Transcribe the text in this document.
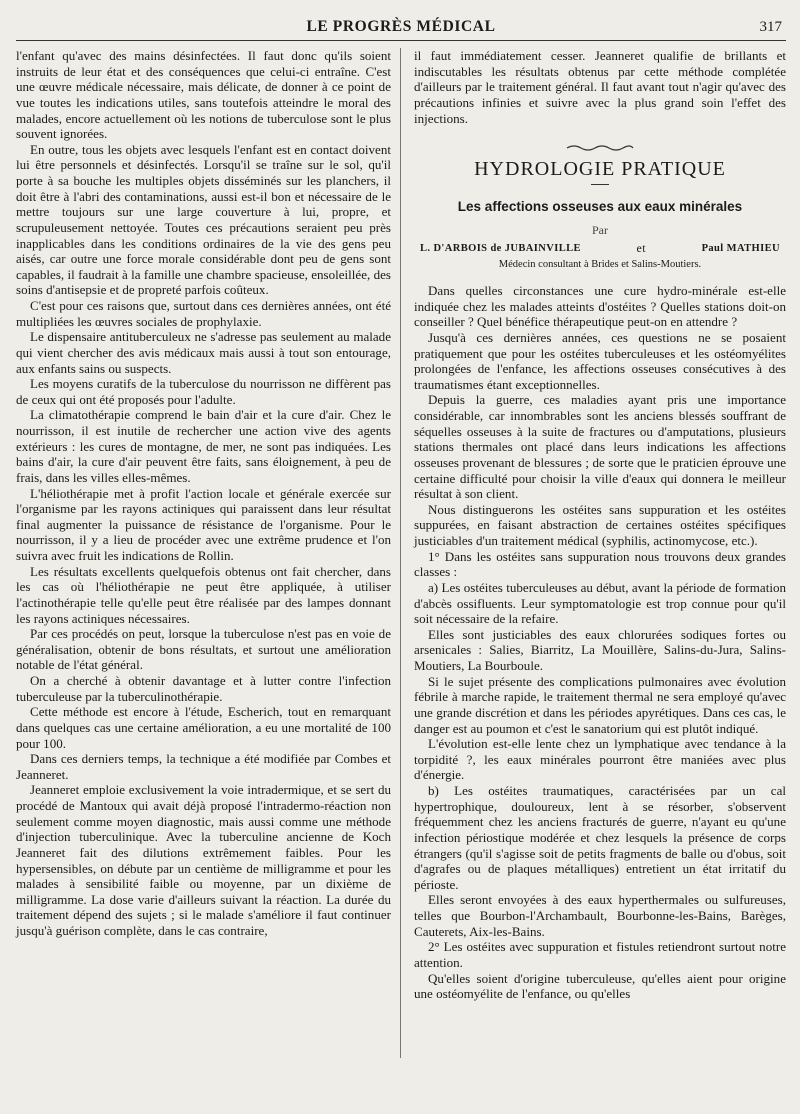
LE PROGRÈS MÉDICAL	317

l'enfant qu'avec des mains désinfectées. Il faut donc qu'ils soient instruits de leur état et des conséquences que celui-ci entraîne. C'est une œuvre médicale nécessaire, mais délicate, de donner à ce point de vue toutes les indications utiles, sans toutefois atteindre le moral des malades, encore actuellement où les notions de tuberculose sont le plus souvent ignorées.

En outre, tous les objets avec lesquels l'enfant est en contact doivent lui être personnels et désinfectés. Lorsqu'il se traîne sur le sol, qu'il porte à sa bouche les multiples objets disséminés sur les planchers, il doit être à l'abri des contaminations, aussi est-il bon et nécessaire de le mettre toujours sur une large couverture à lui, propre, et scrupuleusement nettoyée. Toutes ces précautions seraient peu près inapplicables dans les conditions ordinaires de la vie des gens peu aisés, car outre une force morale considérable dont peu de gens sont capables, il faudrait à la famille une chambre spacieuse, ensoleillée, des soins d'antisepsie et de propreté parfois coûteux.

C'est pour ces raisons que, surtout dans ces dernières années, ont été multipliées les œuvres sociales de prophylaxie.

Le dispensaire antituberculeux ne s'adresse pas seulement au malade qui vient chercher des avis médicaux mais aussi à tout son entourage, aux enfants sains ou suspects.

Les moyens curatifs de la tuberculose du nourrisson ne diffèrent pas de ceux qui ont été proposés pour l'adulte.

La climatothérapie comprend le bain d'air et la cure d'air. Chez le nourrisson, il est inutile de rechercher une action vive des agents extérieurs : les cures de montagne, de mer, ne sont pas indiquées. Les bains d'air, la cure d'air peuvent être faits, sans éloignement, à peu de frais, dans les villes elles-mêmes.

L'héliothérapie met à profit l'action locale et générale exercée sur l'organisme par les rayons actiniques qui paraissent dans leur résultat final augmenter la puissance de résistance de l'organisme. Pour le nourrisson, il y a lieu de procéder avec une extrême prudence et l'on suivra avec fruit les indications de Rollin.

Les résultats excellents quelquefois obtenus ont fait chercher, dans les cas où l'héliothérapie ne peut être appliquée, à utiliser l'actinothérapie telle qu'elle peut être réalisée par des lampes donnant les rayons actiniques nécessaires.

Par ces procédés on peut, lorsque la tuberculose n'est pas en voie de généralisation, obtenir de bons résultats, et surtout une amélioration notable de l'état général.

On a cherché à obtenir davantage et à lutter contre l'infection tuberculeuse par la tuberculinothérapie.

Cette méthode est encore à l'étude, Escherich, tout en remarquant dans quelques cas une certaine amélioration, a eu une mortalité de 100 pour 100.

Dans ces derniers temps, la technique a été modifiée par Combes et Jeanneret.

Jeanneret emploie exclusivement la voie intradermique, et se sert du procédé de Mantoux qui avait déjà proposé l'intradermo-réaction non seulement comme moyen diagnostic, mais aussi comme une méthode d'injection tuberculinique. Avec la tuberculine ancienne de Koch Jeanneret fait des dilutions extrêmement faibles. Pour les hypersensibles, on débute par un centième de milligramme et pour les malades à sensibilité faible ou moyenne, par un dixième de milligramme. La dose varie d'ailleurs suivant la réaction. La durée du traitement dépend des sujets ; si le malade s'améliore il faut continuer jusqu'à guérison complète, dans le cas contraire,

il faut immédiatement cesser. Jeanneret qualifie de brillants et indiscutables les résultats obtenus par cette méthode complétée d'ailleurs par le traitement général. Il faut avant tout n'agir qu'avec des précautions infinies et suivre avec la plus grand soin l'effet des injections.

HYDROLOGIE PRATIQUE
Les affections osseuses aux eaux minérales
Par
L. D'ARBOIS de JUBAINVILLE	et	Paul MATHIEU
Médecin consultant à Brides et Salins-Moutiers.

Dans quelles circonstances une cure hydro-minérale est-elle indiquée chez les malades atteints d'ostéites ? Quelles stations doit-on conseiller ? Quel bénéfice thérapeutique peut-on en attendre ?

Jusqu'à ces dernières années, ces questions ne se posaient pratiquement que pour les ostéites tuberculeuses et les ostéomyélites prolongées de l'enfance, les affections osseuses consécutives à des traumatismes étant exceptionnelles.

Depuis la guerre, ces maladies ayant pris une importance considérable, car innombrables sont les anciens blessés souffrant de séquelles osseuses à la suite de fractures ou d'amputations, plusieurs stations thermales ont placé dans leurs indications les affections osseuses provenant de blessures ; de sorte que le praticien éprouve une certaine difficulté pour choisir la ville d'eaux qui donnera le meilleur résultat à son client.

Nous distinguerons les ostéites sans suppuration et les ostéites suppurées, en faisant abstraction de certaines ostéites spécifiques justiciables d'un traitement médical (syphilis, actinomycose, etc.).

1° Dans les ostéites sans suppuration nous trouvons deux grandes classes :

a) Les ostéites tuberculeuses au début, avant la période de formation d'abcès ossifluents. Leur symptomatologie est trop connue pour qu'il soit nécessaire de la refaire.

Elles sont justiciables des eaux chlorurées sodiques fortes ou arsenicales : Salies, Biarritz, La Mouillère, Salins-du-Jura, Salins-Moutiers, La Bourboule.

Si le sujet présente des complications pulmonaires avec évolution fébrile à marche rapide, le traitement thermal ne sera employé qu'avec une grande discrétion et dans les périodes apyrétiques. Dans ces cas, le danger est au poumon et c'est le sanatorium qui est plutôt indiqué.

L'évolution est-elle lente chez un lymphatique avec tendance à la torpidité ?, les eaux minérales pourront être maniées avec plus d'énergie.

b) Les ostéites traumatiques, caractérisées par un cal hypertrophique, douloureux, lent à se résorber, s'observent fréquemment chez les anciens fracturés de guerre, n'ayant eu qu'une infection périostique modérée et chez lesquels la présence de corps étrangers (qu'il s'agisse soit de petits fragments de balle ou d'obus, soit d'agrafes ou de plaques métalliques) entretient un état irritatif du périoste.

Elles seront envoyées à des eaux hyperthermales ou sulfureuses, telles que Bourbon-l'Archambault, Bourbonne-les-Bains, Barèges, Cauterets, Aix-les-Bains.

2° Les ostéites avec suppuration et fistules retiendront surtout notre attention.

Qu'elles soient d'origine tuberculeuse, qu'elles aient pour origine une ostéomyélite de l'enfance, ou qu'elles
